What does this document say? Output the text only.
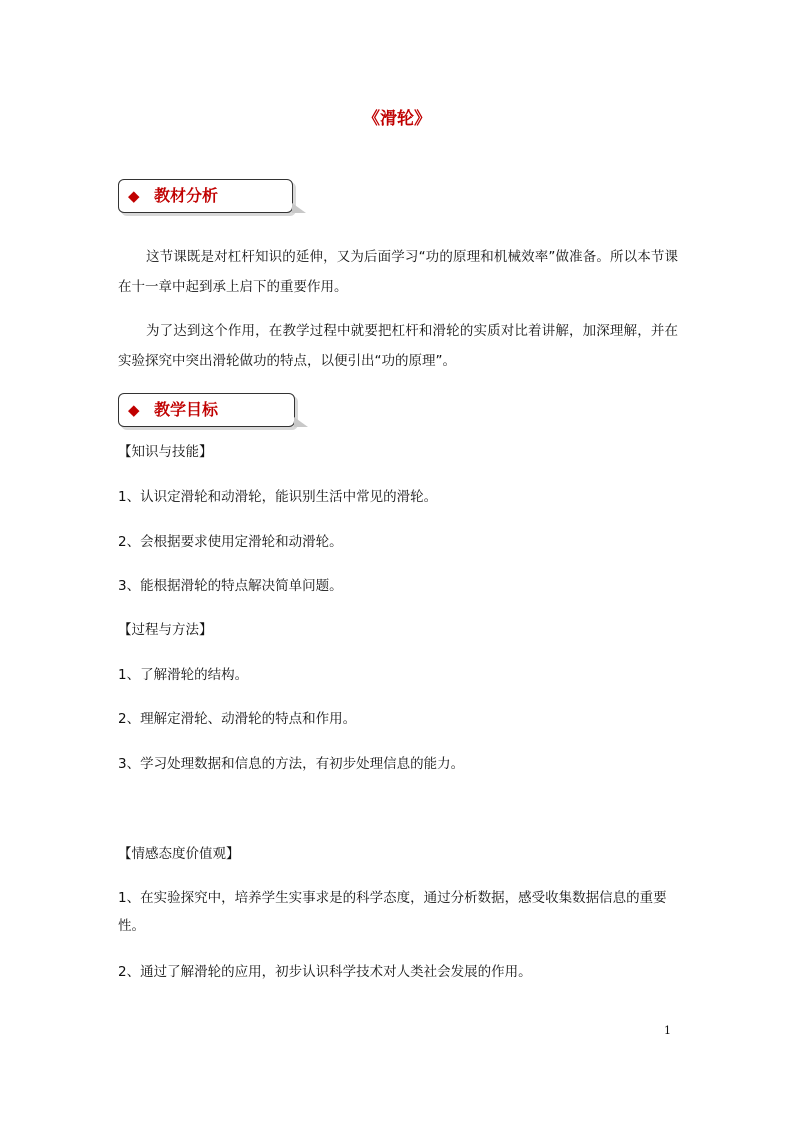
《滑轮》
◆ 教材分析

这节课既是对杠杆知识的延伸，又为后面学习“功的原理和机械效率”做准备。所以本节课在十一章中起到承上启下的重要作用。

为了达到这个作用，在教学过程中就要把杠杆和滑轮的实质对比着讲解，加深理解，并在实验探究中突出滑轮做功的特点，以便引出“功的原理”。

◆ 教学目标

【知识与技能】

1、认识定滑轮和动滑轮，能识别生活中常见的滑轮。

2、会根据要求使用定滑轮和动滑轮。

3、能根据滑轮的特点解决简单问题。

【过程与方法】

1、了解滑轮的结构。

2、理解定滑轮、动滑轮的特点和作用。

3、学习处理数据和信息的方法，有初步处理信息的能力。

【情感态度价值观】

1、在实验探究中，培养学生实事求是的科学态度，通过分析数据，感受收集数据信息的重要性。

2、通过了解滑轮的应用，初步认识科学技术对人类社会发展的作用。

1
